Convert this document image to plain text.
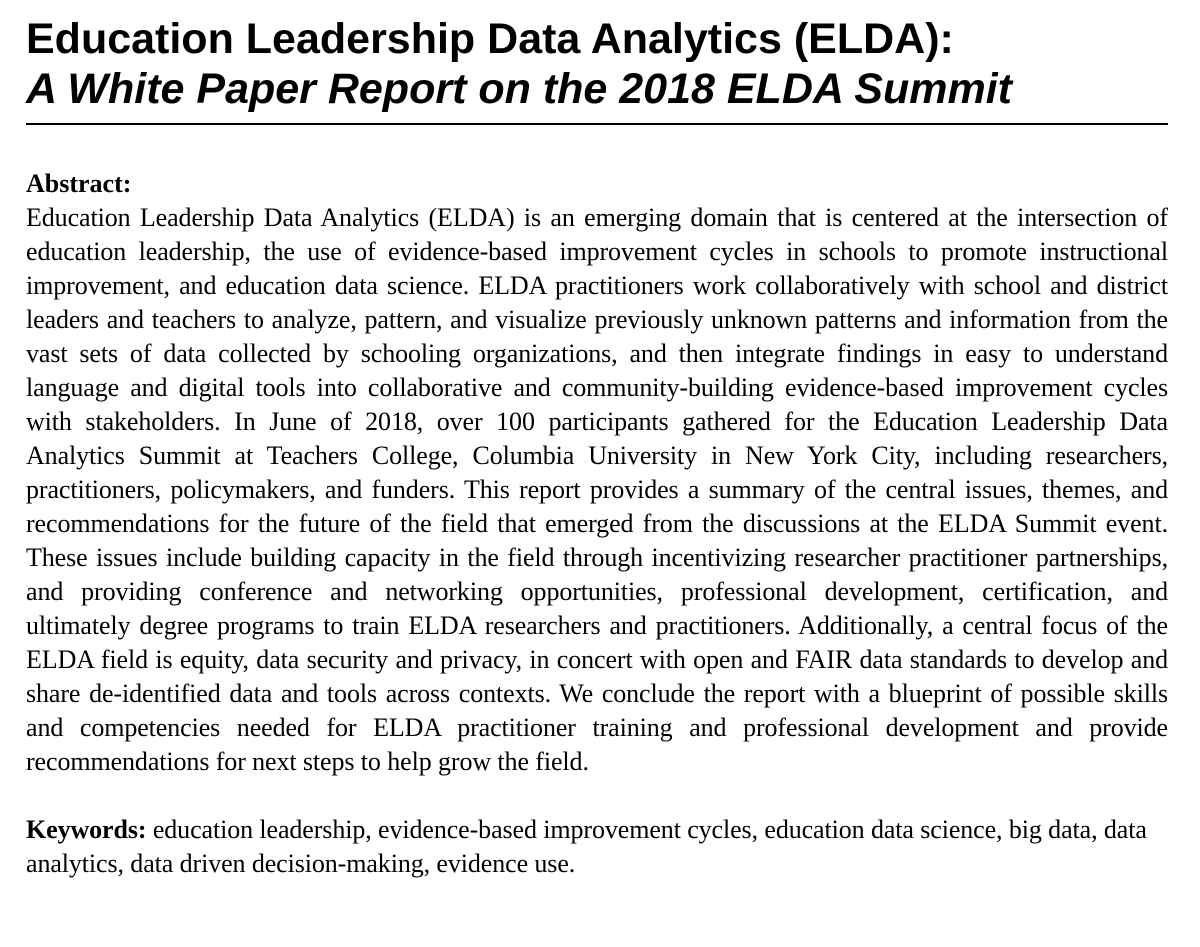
Education Leadership Data Analytics (ELDA):
A White Paper Report on the 2018 ELDA Summit
Abstract:

Education Leadership Data Analytics (ELDA) is an emerging domain that is centered at the intersection of education leadership, the use of evidence-based improvement cycles in schools to promote instructional improvement, and education data science. ELDA practitioners work collaboratively with school and district leaders and teachers to analyze, pattern, and visualize previously unknown patterns and information from the vast sets of data collected by schooling organizations, and then integrate findings in easy to understand language and digital tools into collaborative and community-building evidence-based improvement cycles with stakeholders. In June of 2018, over 100 participants gathered for the Education Leadership Data Analytics Summit at Teachers College, Columbia University in New York City, including researchers, practitioners, policymakers, and funders. This report provides a summary of the central issues, themes, and recommendations for the future of the field that emerged from the discussions at the ELDA Summit event. These issues include building capacity in the field through incentivizing researcher practitioner partnerships, and providing conference and networking opportunities, professional development, certification, and ultimately degree programs to train ELDA researchers and practitioners. Additionally, a central focus of the ELDA field is equity, data security and privacy, in concert with open and FAIR data standards to develop and share de-identified data and tools across contexts. We conclude the report with a blueprint of possible skills and competencies needed for ELDA practitioner training and professional development and provide recommendations for next steps to help grow the field.

Keywords: education leadership, evidence-based improvement cycles, education data science, big data, data analytics, data driven decision-making, evidence use.
